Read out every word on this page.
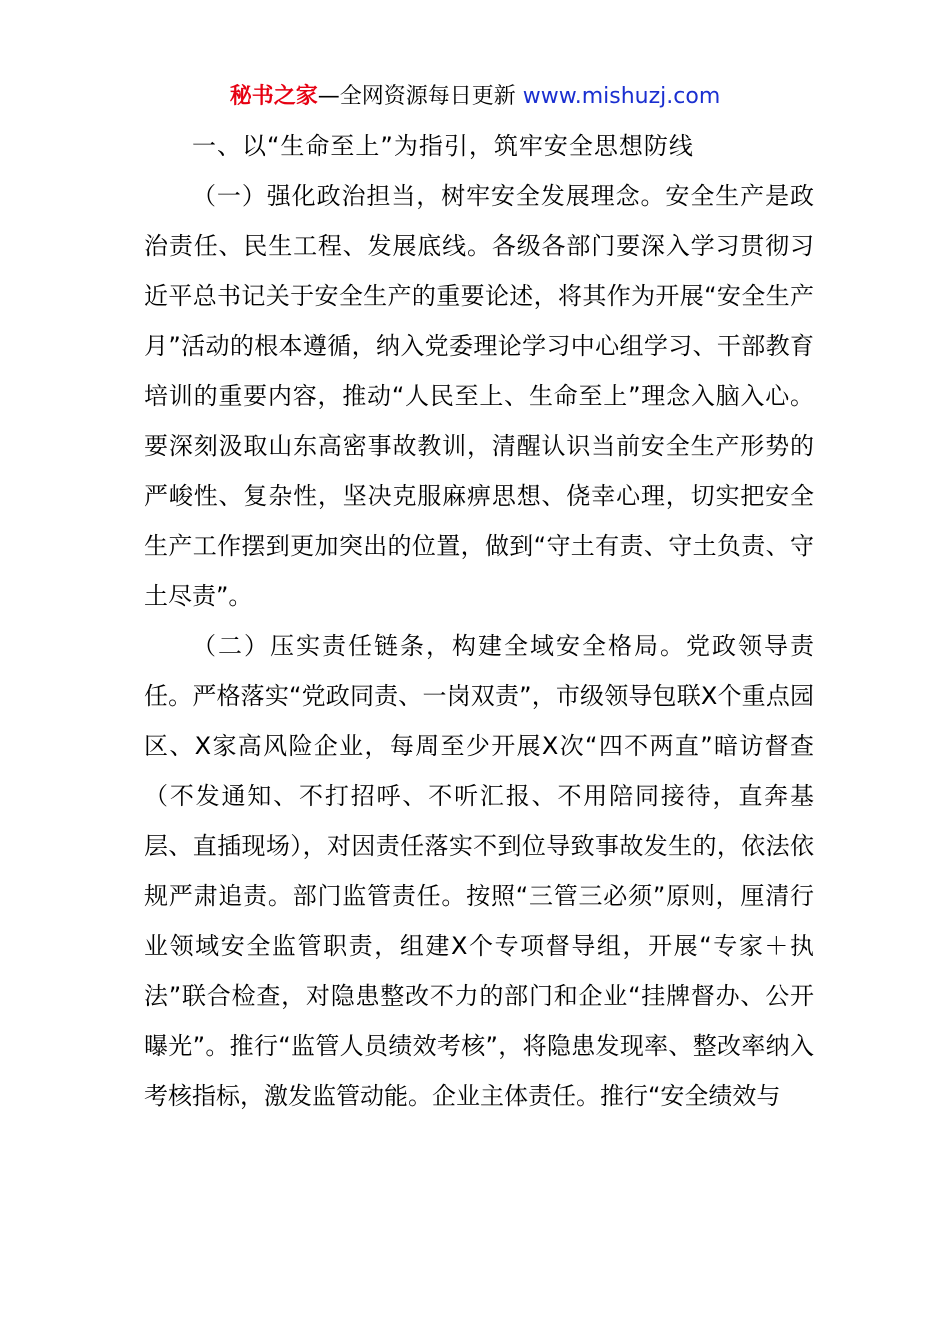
秘书之家—全网资源每日更新 www.mishuzj.com
一、以“生命至上”为指引，筑牢安全思想防线

（一）强化政治担当，树牢安全发展理念。安全生产是政治责任、民生工程、发展底线。各级各部门要深入学习贯彻习近平总书记关于安全生产的重要论述，将其作为开展“安全生产月”活动的根本遵循，纳入党委理论学习中心组学习、干部教育培训的重要内容，推动“人民至上、生命至上”理念入脑入心。要深刻汲取山东高密事故教训，清醒认识当前安全生产形势的严峻性、复杂性，坚决克服麻痹思想、侥幸心理，切实把安全生产工作摆到更加突出的位置，做到“守土有责、守土负责、守土尽责”。

（二）压实责任链条，构建全域安全格局。党政领导责任。严格落实“党政同责、一岗双责”，市级领导包联X个重点园区、X家高风险企业，每周至少开展X次“四不两直”暗访督查（不发通知、不打招呼、不听汇报、不用陪同接待，直奔基层、直插现场），对因责任落实不到位导致事故发生的，依法依规严肃追责。部门监管责任。按照“三管三必须”原则，厘清行业领域安全监管职责，组建X个专项督导组，开展“专家＋执法”联合检查，对隐患整改不力的部门和企业“挂牌督办、公开曝光”。推行“监管人员绩效考核”，将隐患发现率、整改率纳入考核指标，激发监管动能。企业主体责任。推行“安全绩效与
